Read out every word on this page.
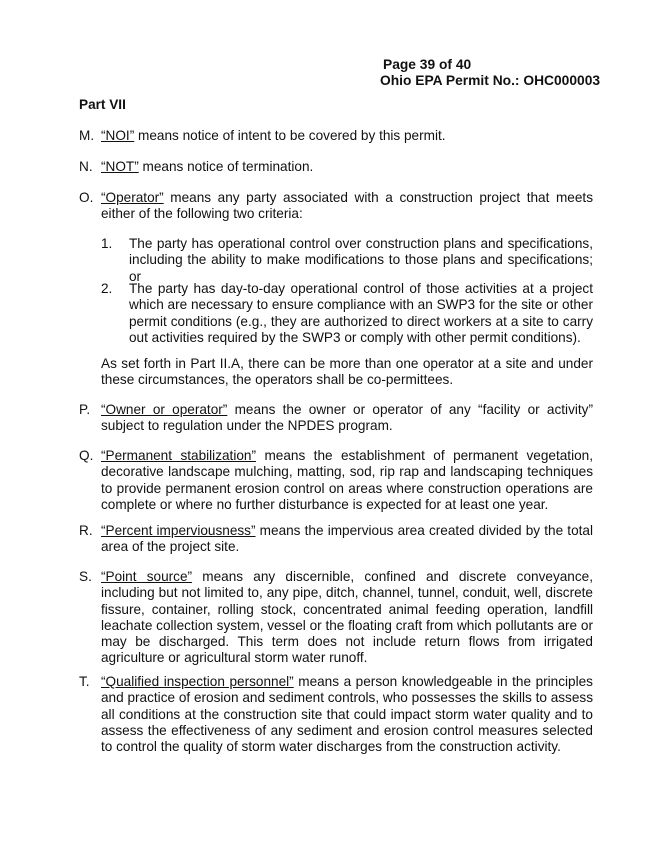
Page 39 of 40
Ohio EPA Permit No.: OHC000003
Part VII
M. “NOI” means notice of intent to be covered by this permit.
N. “NOT” means notice of termination.
O. “Operator” means any party associated with a construction project that meets either of the following two criteria:
1. The party has operational control over construction plans and specifications, including the ability to make modifications to those plans and specifications; or
2. The party has day-to-day operational control of those activities at a project which are necessary to ensure compliance with an SWP3 for the site or other permit conditions (e.g., they are authorized to direct workers at a site to carry out activities required by the SWP3 or comply with other permit conditions).
As set forth in Part II.A, there can be more than one operator at a site and under these circumstances, the operators shall be co-permittees.
P. “Owner or operator” means the owner or operator of any “facility or activity” subject to regulation under the NPDES program.
Q. “Permanent stabilization” means the establishment of permanent vegetation, decorative landscape mulching, matting, sod, rip rap and landscaping techniques to provide permanent erosion control on areas where construction operations are complete or where no further disturbance is expected for at least one year.
R. “Percent imperviousness” means the impervious area created divided by the total area of the project site.
S. “Point source” means any discernible, confined and discrete conveyance, including but not limited to, any pipe, ditch, channel, tunnel, conduit, well, discrete fissure, container, rolling stock, concentrated animal feeding operation, landfill leachate collection system, vessel or the floating craft from which pollutants are or may be discharged. This term does not include return flows from irrigated agriculture or agricultural storm water runoff.
T. “Qualified inspection personnel” means a person knowledgeable in the principles and practice of erosion and sediment controls, who possesses the skills to assess all conditions at the construction site that could impact storm water quality and to assess the effectiveness of any sediment and erosion control measures selected to control the quality of storm water discharges from the construction activity.
